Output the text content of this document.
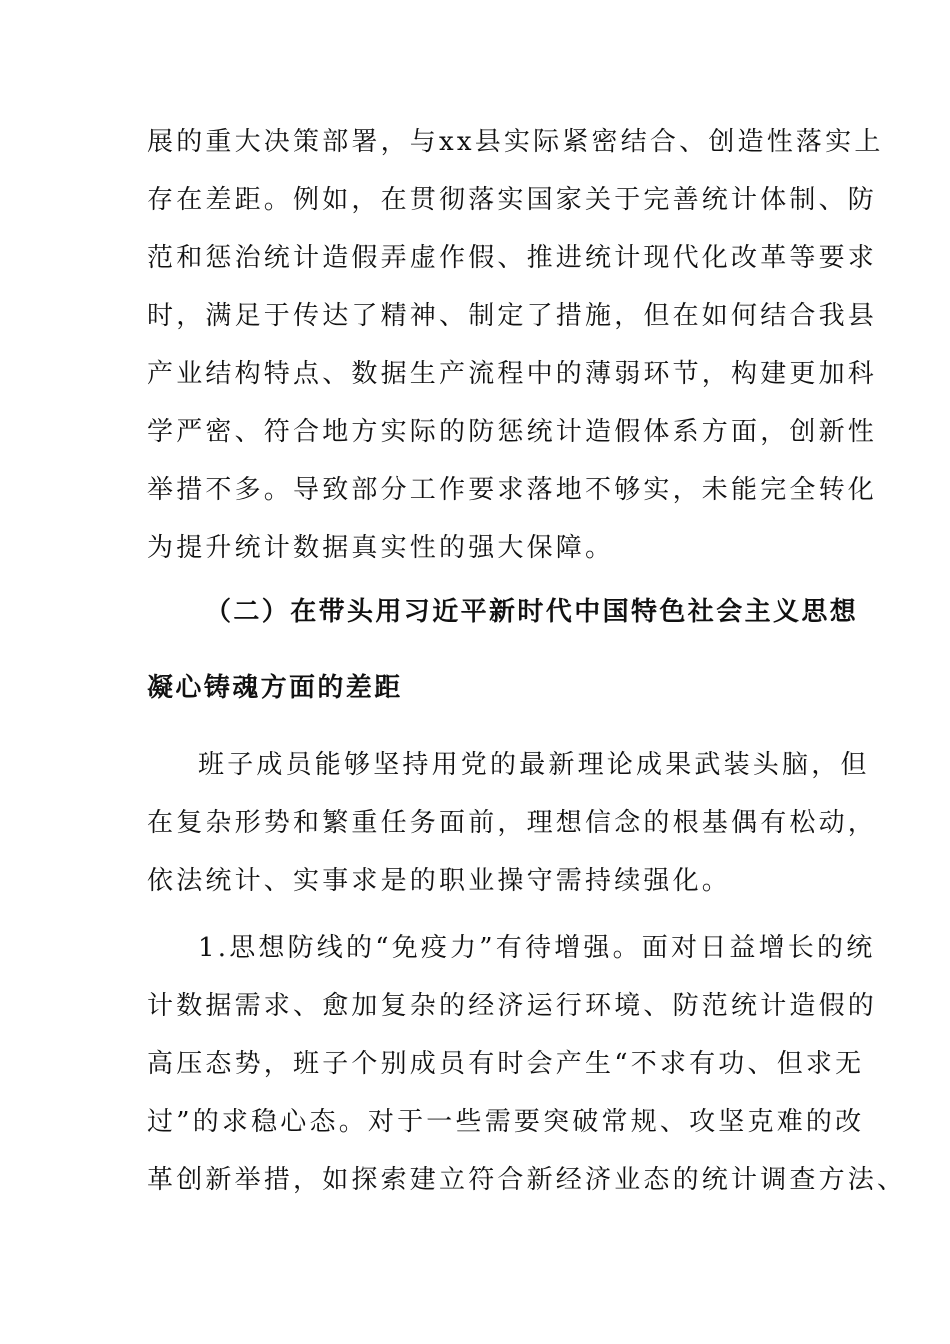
展的重大决策部署，与xx县实际紧密结合、创造性落实上
存在差距。例如，在贯彻落实国家关于完善统计体制、防
范和惩治统计造假弄虚作假、推进统计现代化改革等要求
时，满足于传达了精神、制定了措施，但在如何结合我县
产业结构特点、数据生产流程中的薄弱环节，构建更加科
学严密、符合地方实际的防惩统计造假体系方面，创新性
举措不多。导致部分工作要求落地不够实，未能完全转化
为提升统计数据真实性的强大保障。
（二）在带头用习近平新时代中国特色社会主义思想
凝心铸魂方面的差距
班子成员能够坚持用党的最新理论成果武装头脑，但
在复杂形势和繁重任务面前，理想信念的根基偶有松动，
依法统计、实事求是的职业操守需持续强化。
1.思想防线的“免疫力”有待增强。面对日益增长的统
计数据需求、愈加复杂的经济运行环境、防范统计造假的
高压态势，班子个别成员有时会产生“不求有功、但求无
过”的求稳心态。对于一些需要突破常规、攻坚克难的改
革创新举措，如探索建立符合新经济业态的统计调查方法、
